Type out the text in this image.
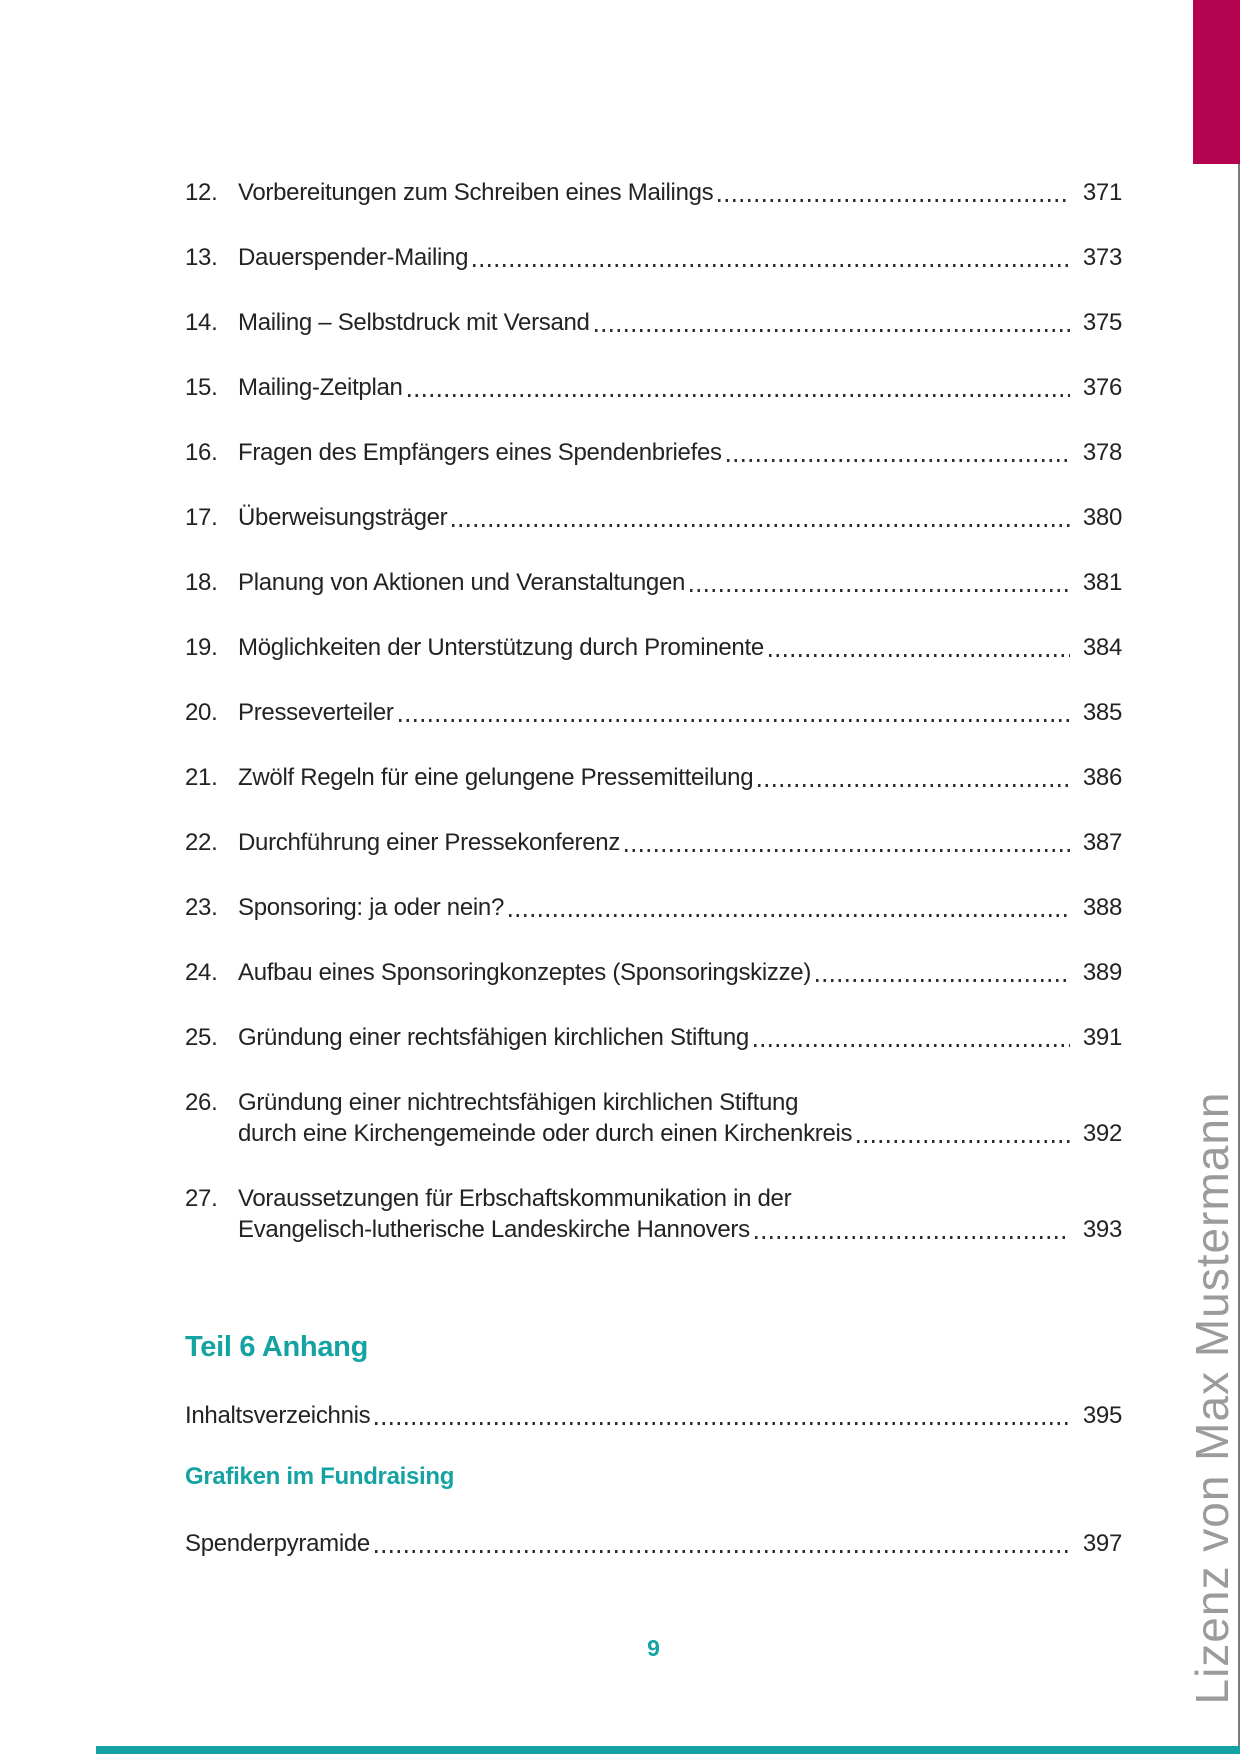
Lizenz von Max Mustermann
12. Vorbereitungen zum Schreiben eines Mailings	371
13. Dauerspender-Mailing	373
14. Mailing – Selbstdruck mit Versand	375
15. Mailing-Zeitplan	376
16. Fragen des Empfängers eines Spendenbriefes	378
17. Überweisungsträger	380
18. Planung von Aktionen und Veranstaltungen	381
19. Möglichkeiten der Unterstützung durch Prominente	384
20. Presseverteiler	385
21. Zwölf Regeln für eine gelungene Pressemitteilung	386
22. Durchführung einer Pressekonferenz	387
23. Sponsoring: ja oder nein?	388
24. Aufbau eines Sponsoringkonzeptes (Sponsoringskizze)	389
25. Gründung einer rechtsfähigen kirchlichen Stiftung	391
26. Gründung einer nichtrechtsfähigen kirchlichen Stiftung
durch eine Kirchengemeinde oder durch einen Kirchenkreis	392
27. Voraussetzungen für Erbschaftskommunikation in der
Evangelisch-lutherische Landeskirche Hannovers	393
Teil 6 Anhang
Inhaltsverzeichnis	395
Grafiken im Fundraising
Spenderpyramide	397
9
